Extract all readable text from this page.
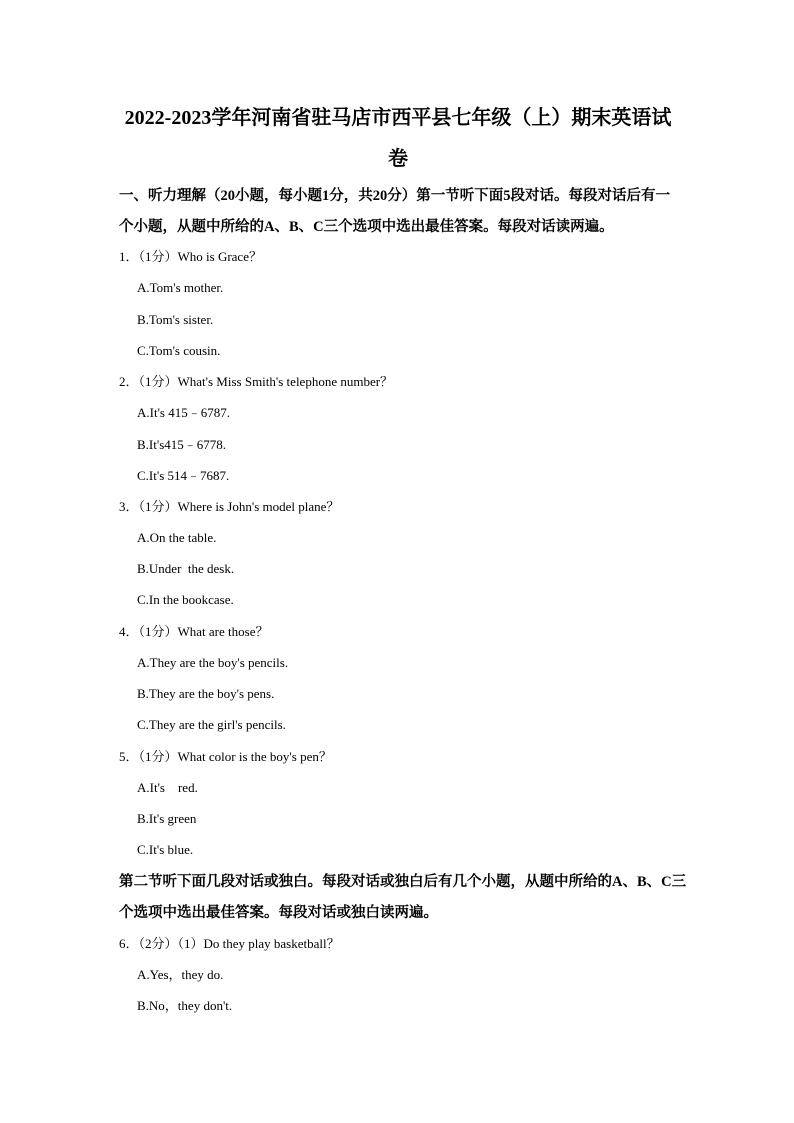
2022-2023学年河南省驻马店市西平县七年级（上）期末英语试
卷
一、听力理解（20小题，每小题1分，共20分）第一节听下面5段对话。每段对话后有一
个小题，从题中所给的A、B、C三个选项中选出最佳答案。每段对话读两遍。
1．（1分）Who is Grace？
A.Tom's mother.
B.Tom's sister.
C.Tom's cousin.
2．（1分）What's Miss Smith's telephone number？
A.It's 415﹣6787.
B.It's415﹣6778.
C.It's 514﹣7687.
3．（1分）Where is John's model plane？
A.On the table.
B.Under  the desk.
C.In the bookcase.
4．（1分）What are those？
A.They are the boy's pencils.
B.They are the boy's pens.
C.They are the girl's pencils.
5．（1分）What color is the boy's pen？
A.It's    red.
B.It's green
C.It's blue.
第二节听下面几段对话或独白。每段对话或独白后有几个小题，从题中所给的A、B、C三
个选项中选出最佳答案。每段对话或独白读两遍。
6．（2分）（1）Do they play basketball？
A.Yes，they do.
B.No，they don't.
